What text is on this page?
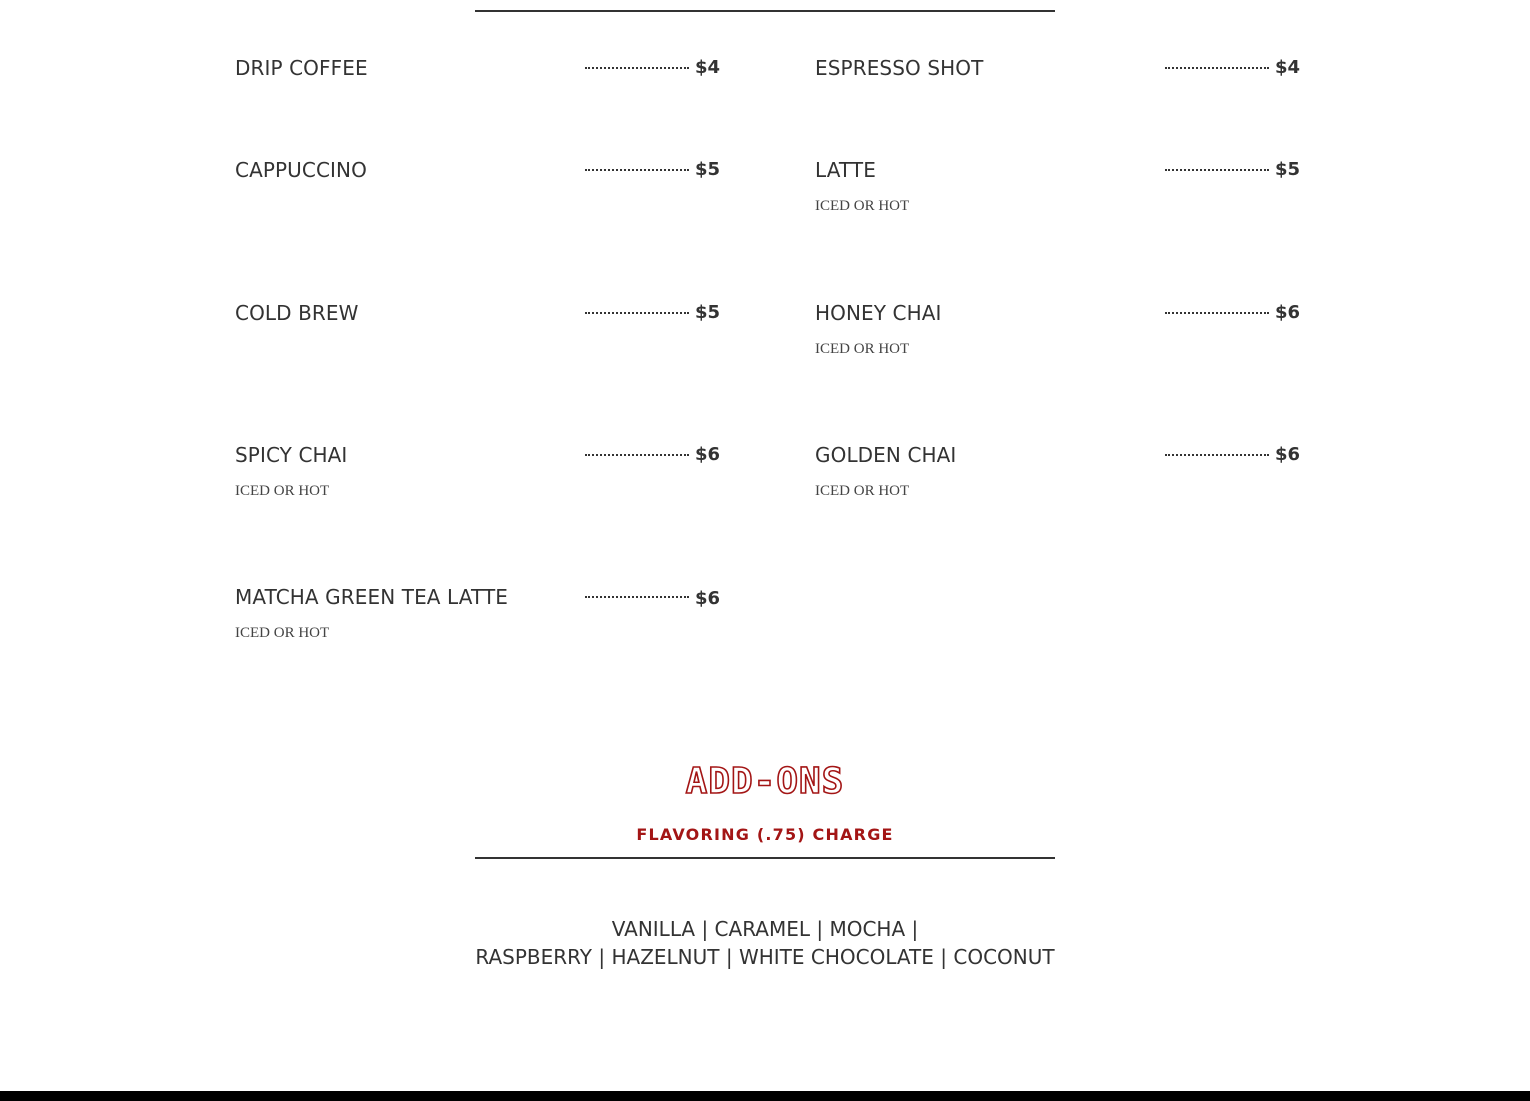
DRIP COFFEE	$4	ESPRESSO SHOT	$4
CAPPUCCINO	$5	LATTE	$5
ICED OR HOT
COLD BREW	$5	HONEY CHAI	$6
ICED OR HOT
SPICY CHAI	$6
ICED OR HOT
GOLDEN CHAI	$6
ICED OR HOT
MATCHA GREEN TEA LATTE	$6
ICED OR HOT
ADD-ONS
FLAVORING (.75) CHARGE
VANILLA | CARAMEL | MOCHA |
RASPBERRY | HAZELNUT | WHITE CHOCOLATE | COCONUT
